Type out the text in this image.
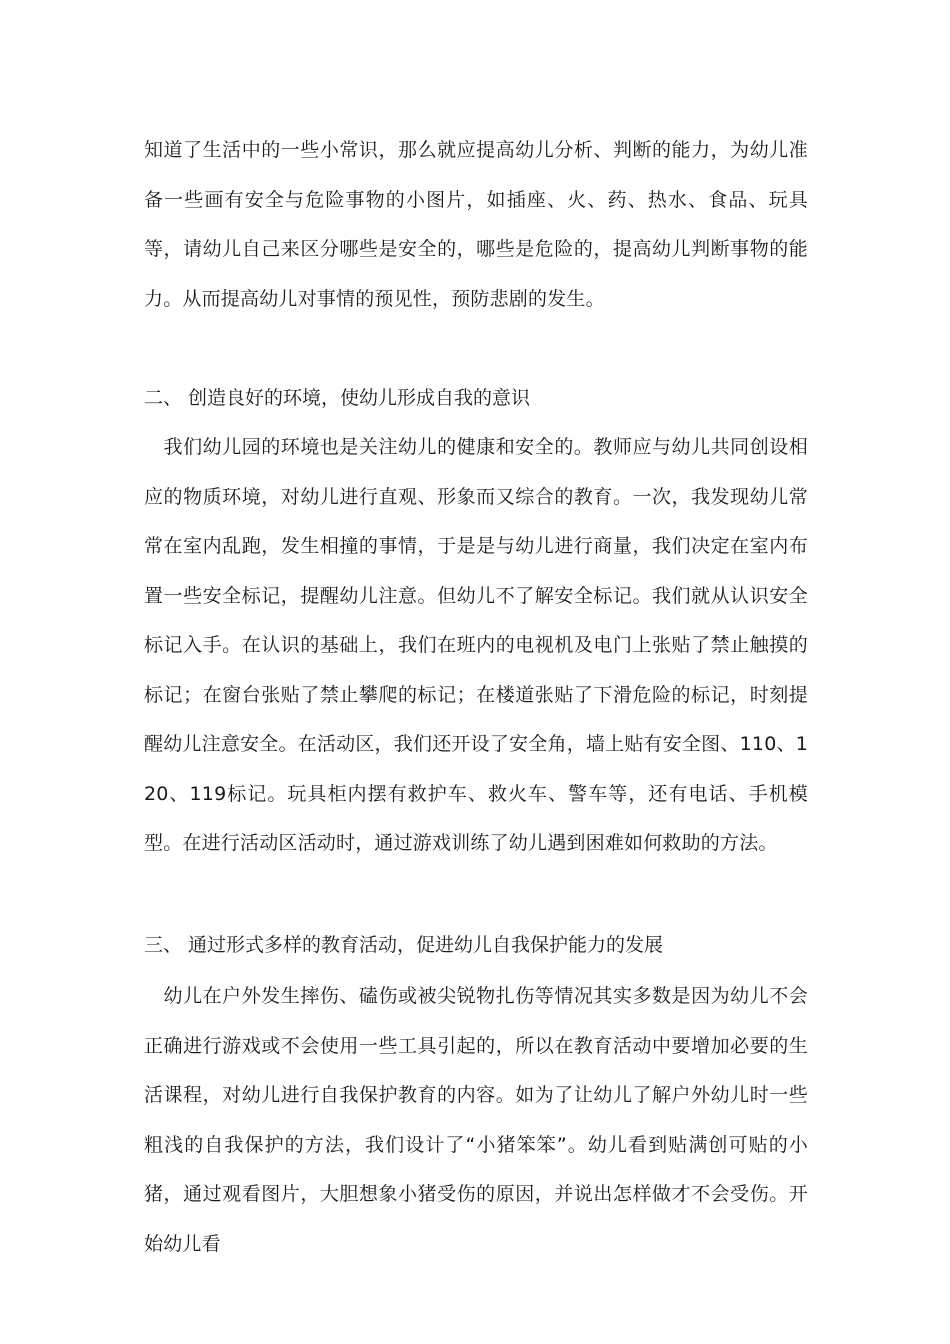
知道了生活中的一些小常识，那么就应提高幼儿分析、判断的能力，为幼儿准备一些画有安全与危险事物的小图片，如插座、火、药、热水、食品、玩具等，请幼儿自己来区分哪些是安全的，哪些是危险的，提高幼儿判断事物的能力。从而提高幼儿对事情的预见性，预防悲剧的发生。

二、 创造良好的环境，使幼儿形成自我的意识

　我们幼儿园的环境也是关注幼儿的健康和安全的。教师应与幼儿共同创设相应的物质环境，对幼儿进行直观、形象而又综合的教育。一次，我发现幼儿常常在室内乱跑，发生相撞的事情，于是是与幼儿进行商量，我们决定在室内布置一些安全标记，提醒幼儿注意。但幼儿不了解安全标记。我们就从认识安全标记入手。在认识的基础上，我们在班内的电视机及电门上张贴了禁止触摸的标记；在窗台张贴了禁止攀爬的标记；在楼道张贴了下滑危险的标记，时刻提醒幼儿注意安全。在活动区，我们还开设了安全角，墙上贴有安全图、110、120、119标记。玩具柜内摆有救护车、救火车、警车等，还有电话、手机模型。在进行活动区活动时，通过游戏训练了幼儿遇到困难如何救助的方法。

三、 通过形式多样的教育活动，促进幼儿自我保护能力的发展

　幼儿在户外发生摔伤、磕伤或被尖锐物扎伤等情况其实多数是因为幼儿不会正确进行游戏或不会使用一些工具引起的，所以在教育活动中要增加必要的生活课程，对幼儿进行自我保护教育的内容。如为了让幼儿了解户外幼儿时一些粗浅的自我保护的方法，我们设计了“小猪笨笨”。幼儿看到贴满创可贴的小猪，通过观看图片，大胆想象小猪受伤的原因，并说出怎样做才不会受伤。开始幼儿看
